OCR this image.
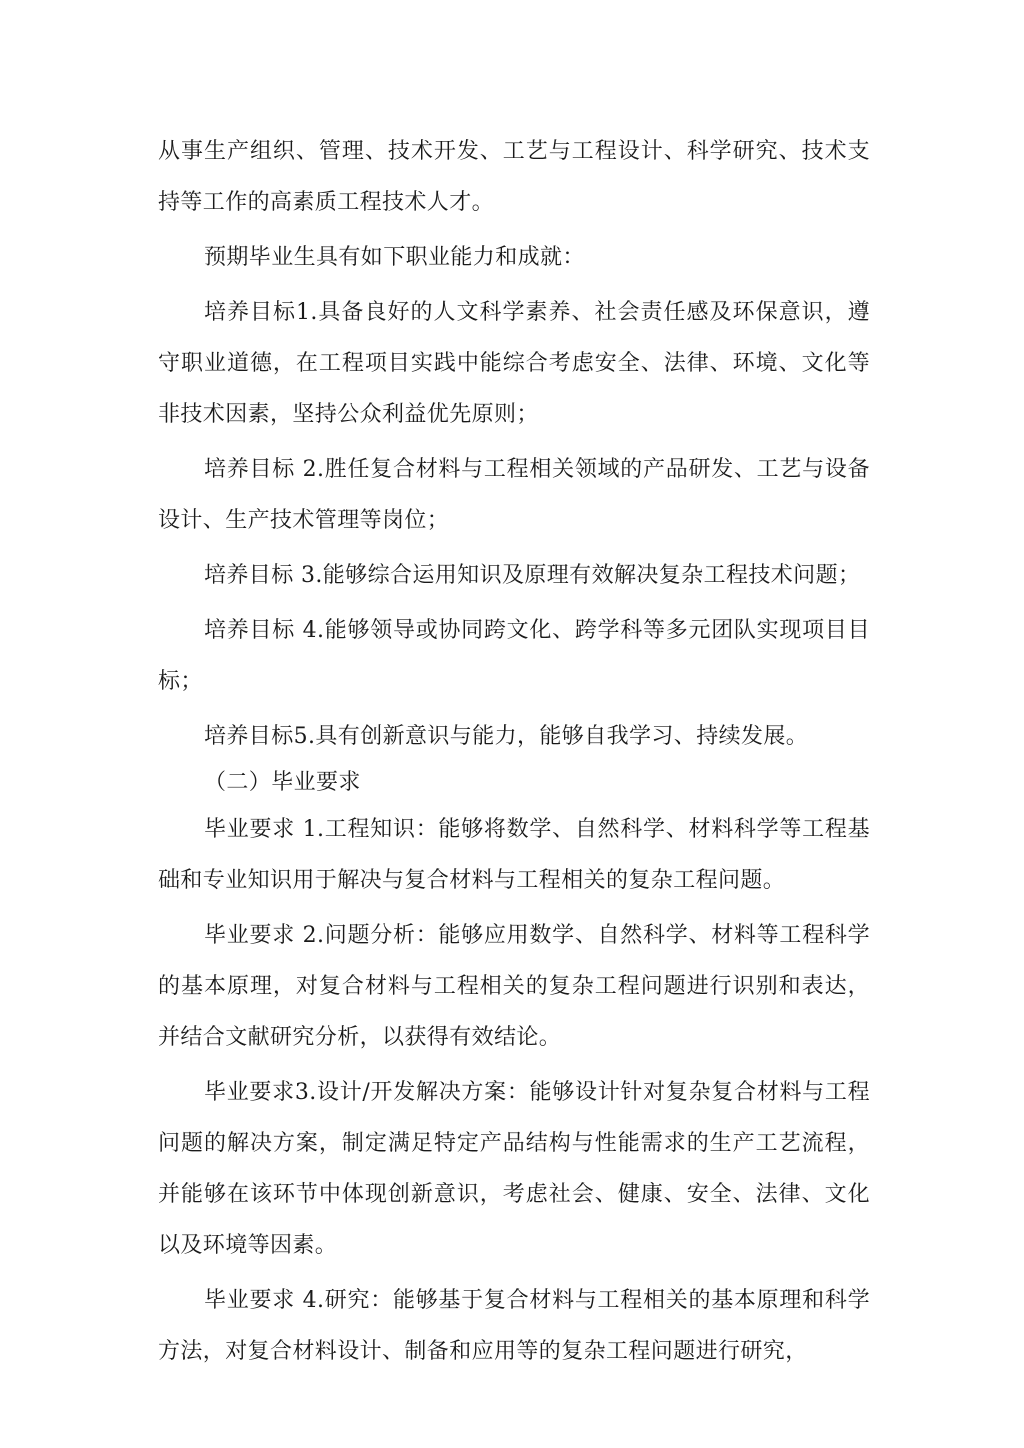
从事生产组织、管理、技术开发、工艺与工程设计、科学研究、技术支持等工作的高素质工程技术人才。

预期毕业生具有如下职业能力和成就：

培养目标1.具备良好的人文科学素养、社会责任感及环保意识，遵守职业道德，在工程项目实践中能综合考虑安全、法律、环境、文化等非技术因素，坚持公众利益优先原则；

培养目标 2.胜任复合材料与工程相关领域的产品研发、工艺与设备设计、生产技术管理等岗位；

培养目标 3.能够综合运用知识及原理有效解决复杂工程技术问题；

培养目标 4.能够领导或协同跨文化、跨学科等多元团队实现项目目标；

培养目标5.具有创新意识与能力，能够自我学习、持续发展。

（二）毕业要求

毕业要求 1.工程知识：能够将数学、自然科学、材料科学等工程基础和专业知识用于解决与复合材料与工程相关的复杂工程问题。

毕业要求 2.问题分析：能够应用数学、自然科学、材料等工程科学的基本原理，对复合材料与工程相关的复杂工程问题进行识别和表达，并结合文献研究分析，以获得有效结论。

毕业要求3.设计/开发解决方案：能够设计针对复杂复合材料与工程问题的解决方案，制定满足特定产品结构与性能需求的生产工艺流程，并能够在该环节中体现创新意识，考虑社会、健康、安全、法律、文化以及环境等因素。

毕业要求 4.研究：能够基于复合材料与工程相关的基本原理和科学方法，对复合材料设计、制备和应用等的复杂工程问题进行研究，
